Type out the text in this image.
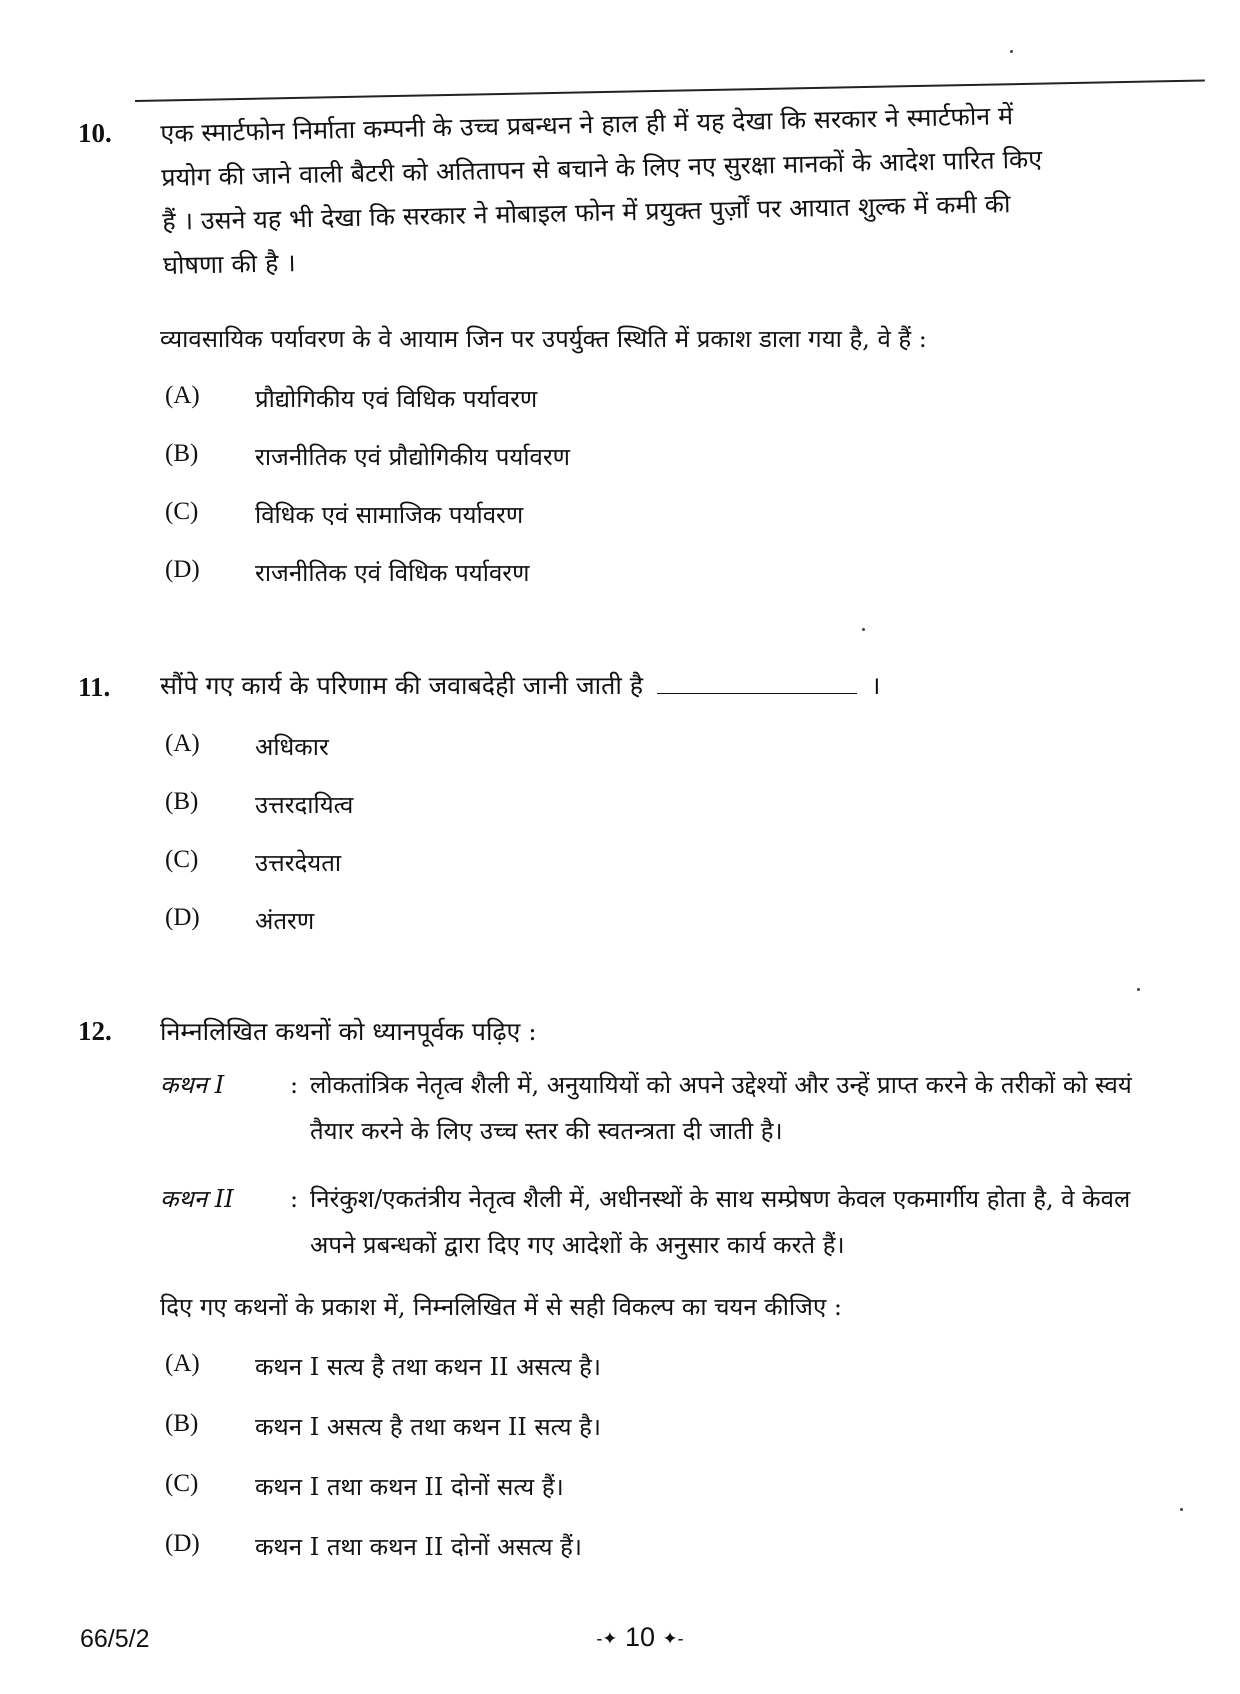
10.	एक स्मार्टफोन निर्माता कम्पनी के उच्च प्रबन्धन ने हाल ही में यह देखा कि सरकार ने स्मार्टफोन में
प्रयोग की जाने वाली बैटरी को अतितापन से बचाने के लिए नए सुरक्षा मानकों के आदेश पारित किए
हैं । उसने यह भी देखा कि सरकार ने मोबाइल फोन में प्रयुक्त पुर्ज़ों पर आयात शुल्क में कमी की
घोषणा की है ।
व्यावसायिक पर्यावरण के वे आयाम जिन पर उपर्युक्त स्थिति में प्रकाश डाला गया है, वे हैं :
(A)	प्रौद्योगिकीय एवं विधिक पर्यावरण
(B)	राजनीतिक एवं प्रौद्योगिकीय पर्यावरण
(C)	विधिक एवं सामाजिक पर्यावरण
(D)	राजनीतिक एवं विधिक पर्यावरण
11.	सौंपे गए कार्य के परिणाम की जवाबदेही जानी जाती है	।
(A)	अधिकार
(B)	उत्तरदायित्व
(C)	उत्तरदेयता
(D)	अंतरण
12.	निम्नलिखित कथनों को ध्यानपूर्वक पढ़िए :
कथन I	: लोकतांत्रिक नेतृत्व शैली में, अनुयायियों को अपने उद्देश्यों और उन्हें प्राप्त करने के तरीकों को स्वयं तैयार करने के लिए उच्च स्तर की स्वतन्त्रता दी जाती है।
कथन II	: निरंकुश/एकतंत्रीय नेतृत्व शैली में, अधीनस्थों के साथ सम्प्रेषण केवल एकमार्गीय होता है, वे केवल अपने प्रबन्धकों द्वारा दिए गए आदेशों के अनुसार कार्य करते हैं।
दिए गए कथनों के प्रकाश में, निम्नलिखित में से सही विकल्प का चयन कीजिए :
(A)	कथन I सत्य है तथा कथन II असत्य है।
(B)	कथन I असत्य है तथा कथन II सत्य है।
(C)	कथन I तथा कथन II दोनों सत्य हैं।
(D)	कथन I तथा कथन II दोनों असत्य हैं।
66/5/2	-✦ 10 ✦-
